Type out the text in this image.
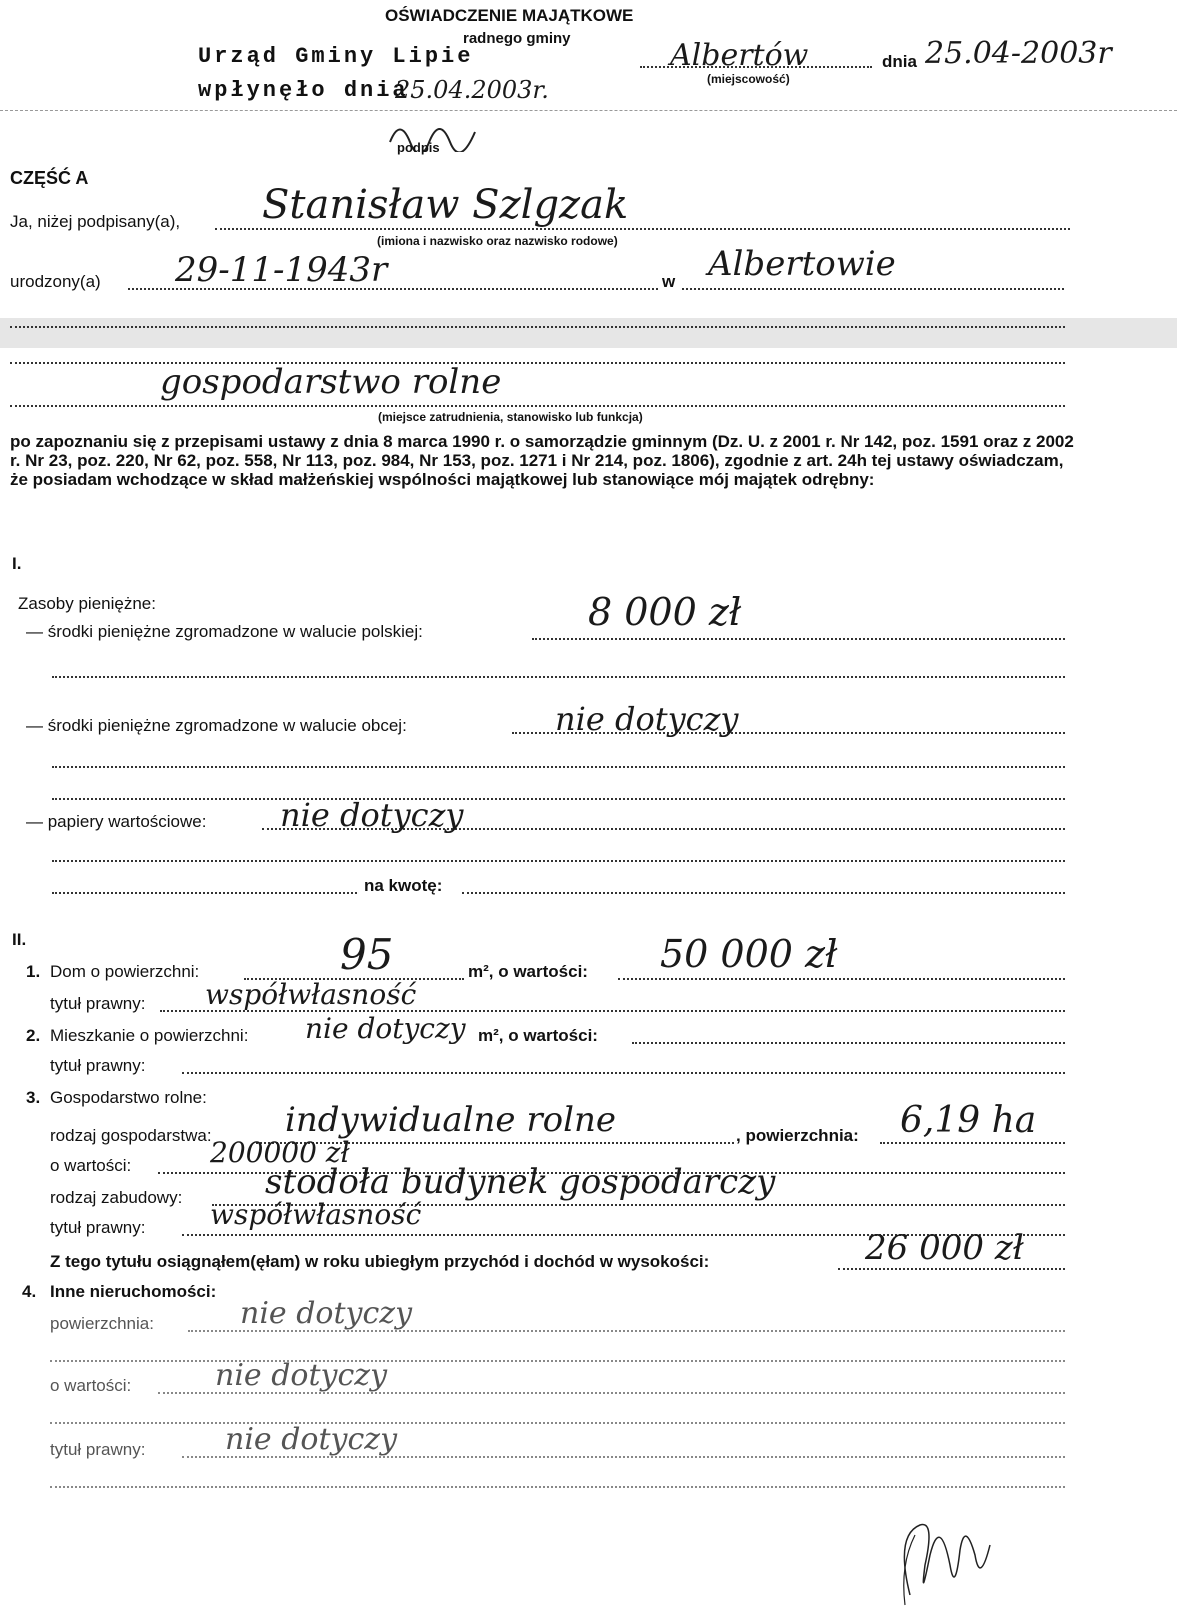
OŚWIADCZENIE MAJĄTKOWE
radnego gminy
Urząd Gminy Lipie
wpłynęło dnia
25.04.2003r.
podpis
Albertów
(miejscowość)
dnia 25.04-2003r
CZĘŚĆ A
Ja, niżej podpisany(a), Stanisław Szlgzak
(imiona i nazwisko oraz nazwisko rodowe)
urodzony(a) 29-11-1943r	w Albertowie
gospodarstwo rolne
(miejsce zatrudnienia, stanowisko lub funkcja)
po zapoznaniu się z przepisami ustawy z dnia 8 marca 1990 r. o samorządzie gminnym (Dz. U. z 2001 r. Nr 142, poz. 1591 oraz z 2002 r. Nr 23, poz. 220, Nr 62, poz. 558, Nr 113, poz. 984, Nr 153, poz. 1271 i Nr 214, poz. 1806), zgodnie z art. 24h tej ustawy oświadczam, że posiadam wchodzące w skład małżeńskiej wspólności majątkowej lub stanowiące mój majątek odrębny:
I.
Zasoby pieniężne:
— środki pieniężne zgromadzone w walucie polskiej:	8 000 zł
— środki pieniężne zgromadzone w walucie obcej:	nie dotyczy
— papiery wartościowe: nie dotyczy
na kwotę:
II.
1. Dom o powierzchni:	95	m², o wartości: 50 000 zł
tytuł prawny: współwłasność
2. Mieszkanie o powierzchni: nie dotyczy m², o wartości:
tytuł prawny:
3. Gospodarstwo rolne:
rodzaj gospodarstwa: indywidualne rolne	, powierzchnia: 6,19 ha
o wartości:	200000 zł
rodzaj zabudowy: stodoła budynek gospodarczy
tytuł prawny: współwłasność
Z tego tytułu osiągnąłem(ęłam) w roku ubiegłym przychód i dochód w wysokości:	26 000 zł
4. Inne nieruchomości:
powierzchnia:	nie dotyczy
o wartości:	nie dotyczy
tytuł prawny:	nie dotyczy
